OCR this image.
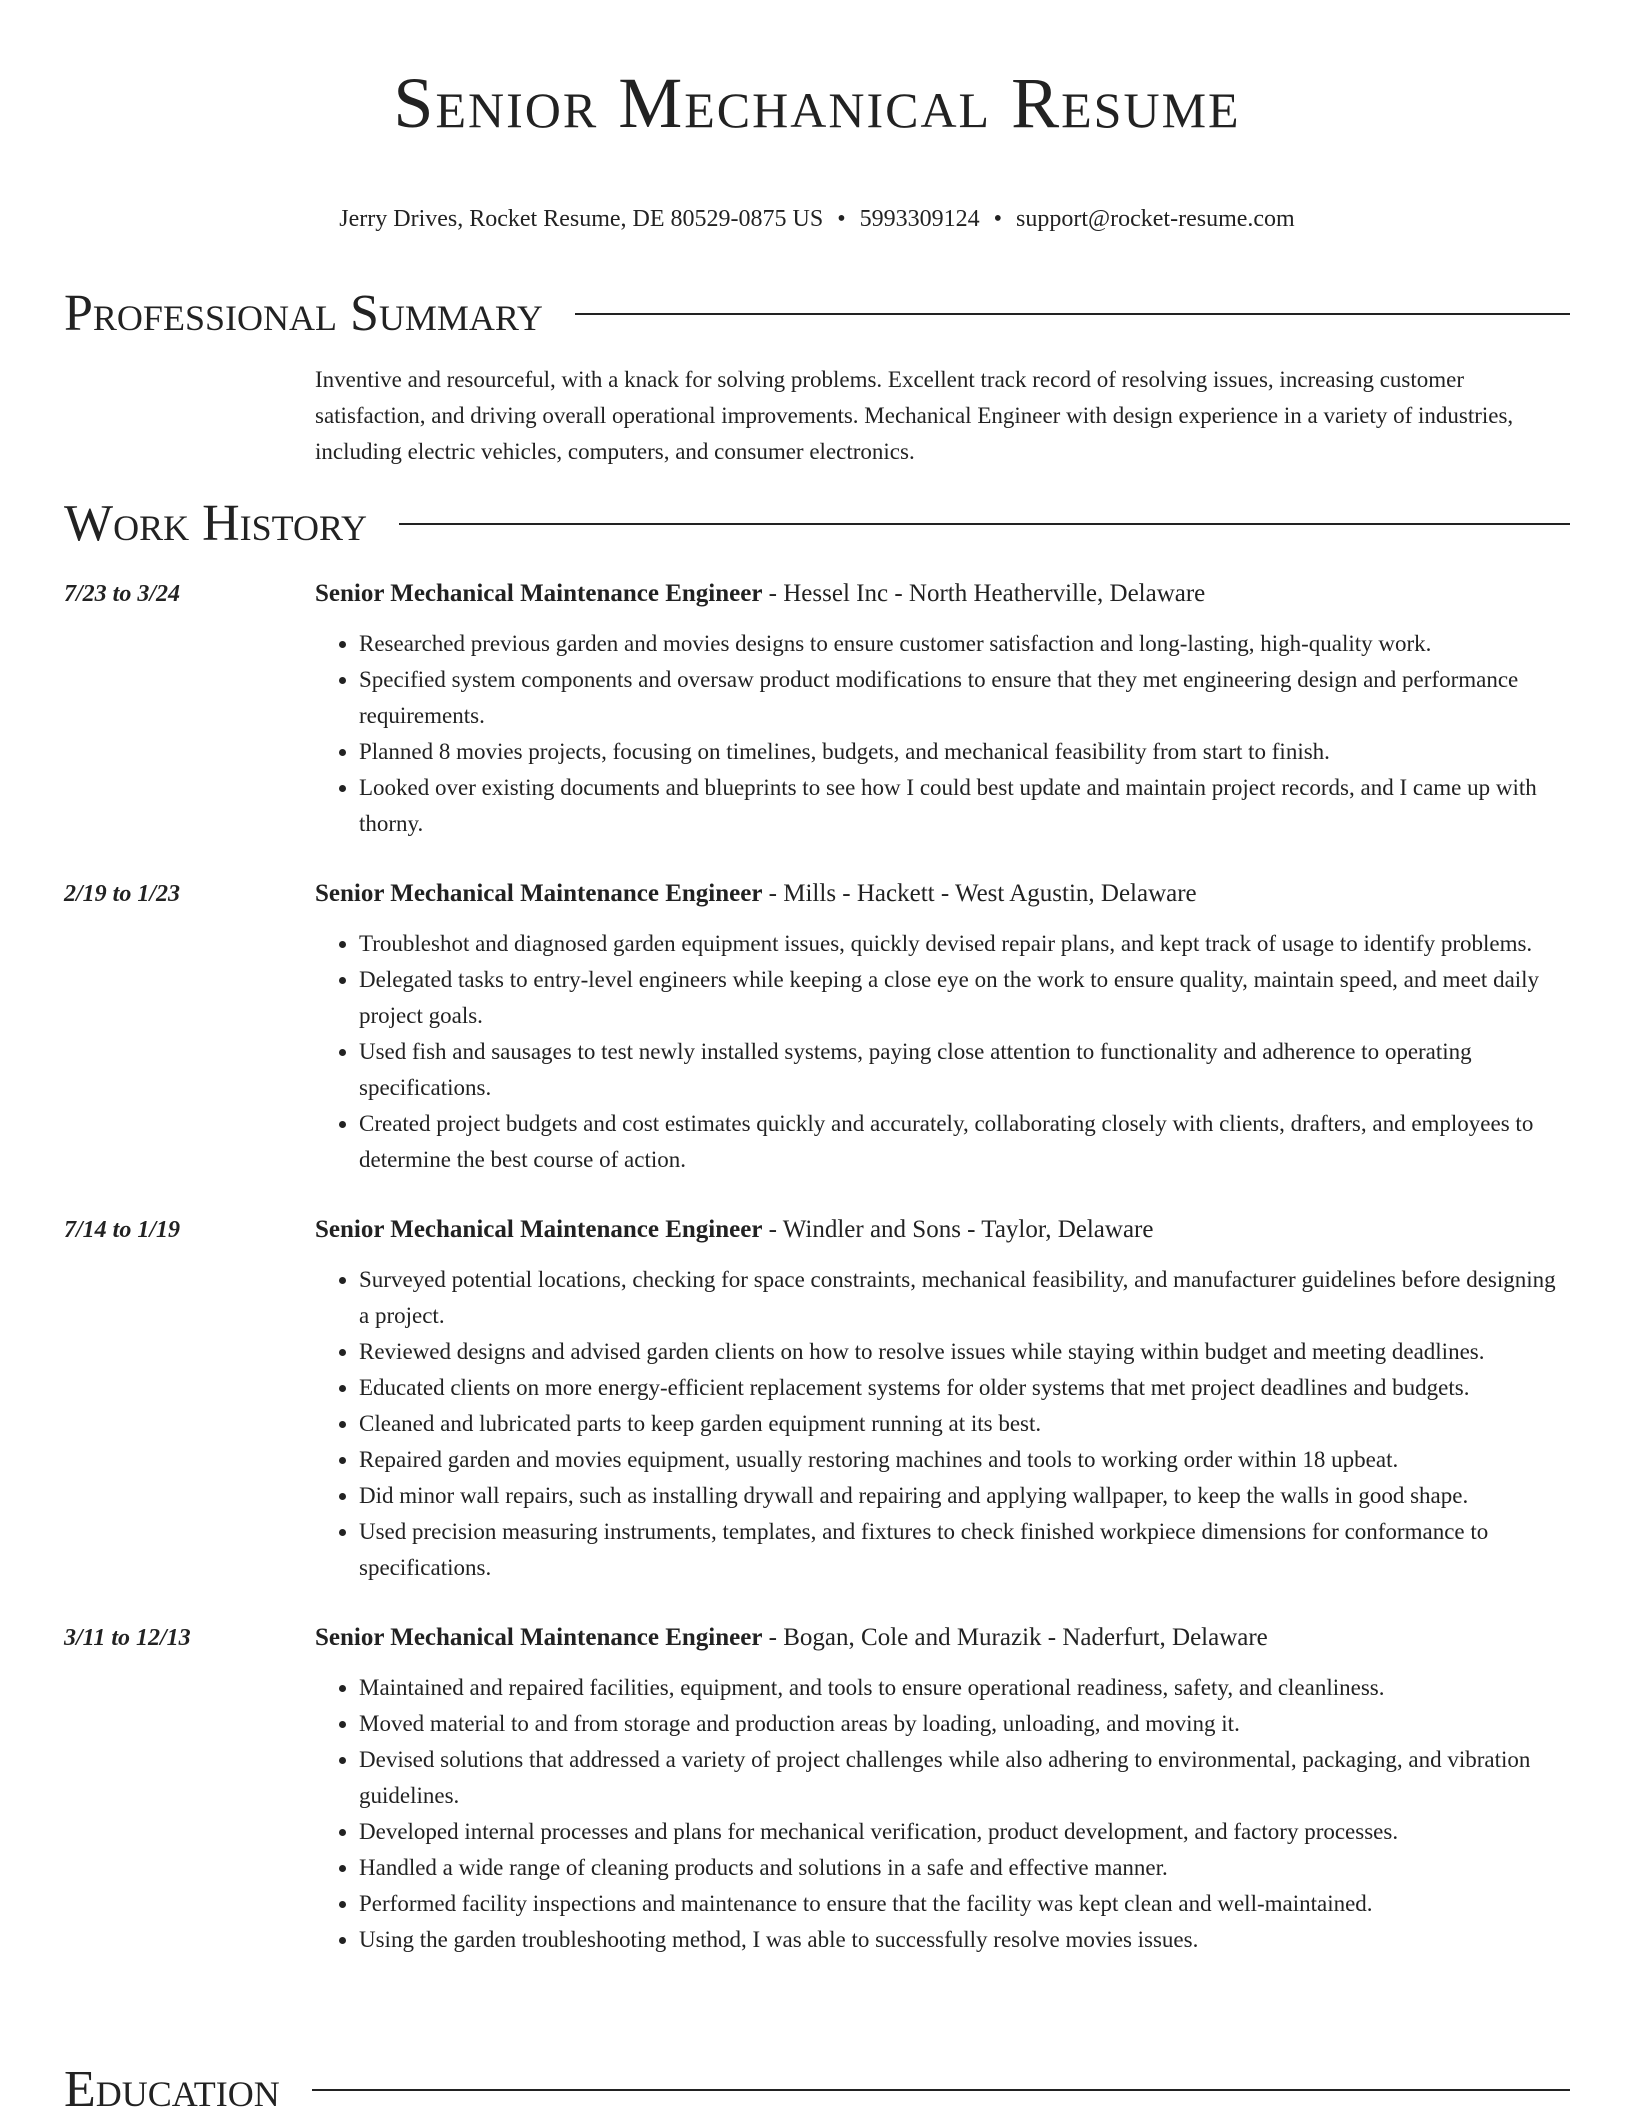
Senior Mechanical Resume
Jerry Drives, Rocket Resume, DE 80529-0875 US • 5993309124 • support@rocket-resume.com
Professional Summary
Inventive and resourceful, with a knack for solving problems. Excellent track record of resolving issues, increasing customer satisfaction, and driving overall operational improvements. Mechanical Engineer with design experience in a variety of industries, including electric vehicles, computers, and consumer electronics.
Work History
7/23 to 3/24	Senior Mechanical Maintenance Engineer - Hessel Inc - North Heatherville, Delaware
• Researched previous garden and movies designs to ensure customer satisfaction and long-lasting, high-quality work.
• Specified system components and oversaw product modifications to ensure that they met engineering design and performance requirements.
• Planned 8 movies projects, focusing on timelines, budgets, and mechanical feasibility from start to finish.
• Looked over existing documents and blueprints to see how I could best update and maintain project records, and I came up with thorny.
2/19 to 1/23	Senior Mechanical Maintenance Engineer - Mills - Hackett - West Agustin, Delaware
• Troubleshot and diagnosed garden equipment issues, quickly devised repair plans, and kept track of usage to identify problems.
• Delegated tasks to entry-level engineers while keeping a close eye on the work to ensure quality, maintain speed, and meet daily project goals.
• Used fish and sausages to test newly installed systems, paying close attention to functionality and adherence to operating specifications.
• Created project budgets and cost estimates quickly and accurately, collaborating closely with clients, drafters, and employees to determine the best course of action.
7/14 to 1/19	Senior Mechanical Maintenance Engineer - Windler and Sons - Taylor, Delaware
• Surveyed potential locations, checking for space constraints, mechanical feasibility, and manufacturer guidelines before designing a project.
• Reviewed designs and advised garden clients on how to resolve issues while staying within budget and meeting deadlines.
• Educated clients on more energy-efficient replacement systems for older systems that met project deadlines and budgets.
• Cleaned and lubricated parts to keep garden equipment running at its best.
• Repaired garden and movies equipment, usually restoring machines and tools to working order within 18 upbeat.
• Did minor wall repairs, such as installing drywall and repairing and applying wallpaper, to keep the walls in good shape.
• Used precision measuring instruments, templates, and fixtures to check finished workpiece dimensions for conformance to specifications.
3/11 to 12/13	Senior Mechanical Maintenance Engineer - Bogan, Cole and Murazik - Naderfurt, Delaware
• Maintained and repaired facilities, equipment, and tools to ensure operational readiness, safety, and cleanliness.
• Moved material to and from storage and production areas by loading, unloading, and moving it.
• Devised solutions that addressed a variety of project challenges while also adhering to environmental, packaging, and vibration guidelines.
• Developed internal processes and plans for mechanical verification, product development, and factory processes.
• Handled a wide range of cleaning products and solutions in a safe and effective manner.
• Performed facility inspections and maintenance to ensure that the facility was kept clean and well-maintained.
• Using the garden troubleshooting method, I was able to successfully resolve movies issues.
Education
